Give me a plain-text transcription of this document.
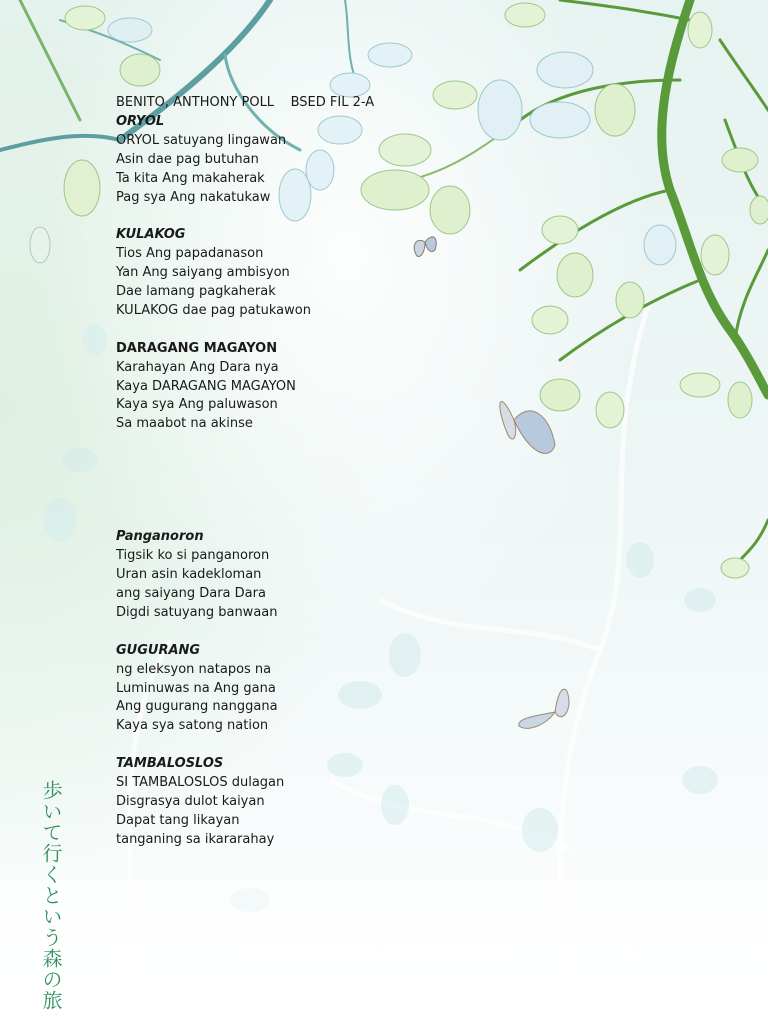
BENITO, ANTHONY POLL BSED FIL 2-A
ORYOL
ORYOL satuyang lingawan
Asin dae pag butuhan
Ta kita Ang makaherak
Pag sya Ang nakatukaw
KULAKOG
Tios Ang papadanason
Yan Ang saiyang ambisyon
Dae lamang pagkaherak
KULAKOG dae pag patukawon
DARAGANG MAGAYON
Karahayan Ang Dara nya
Kaya DARAGANG MAGAYON
Kaya sya Ang paluwason
Sa maabot na akinse
Panganoron
Tigsik ko si panganoron
Uran asin kadekloman
ang saiyang Dara Dara
Digdi satuyang banwaan
GUGURANG
ng eleksyon natapos na
Luminuwas na Ang gana
Ang gugurang nanggana
Kaya sya satong nation
TAMBALOSLOS
SI TAMBALOSLOS dulagan
Disgrasya dulot kaiyan
Dapat tang likayan
tanganing sa ikararahay
歩いて行くという森の旅
